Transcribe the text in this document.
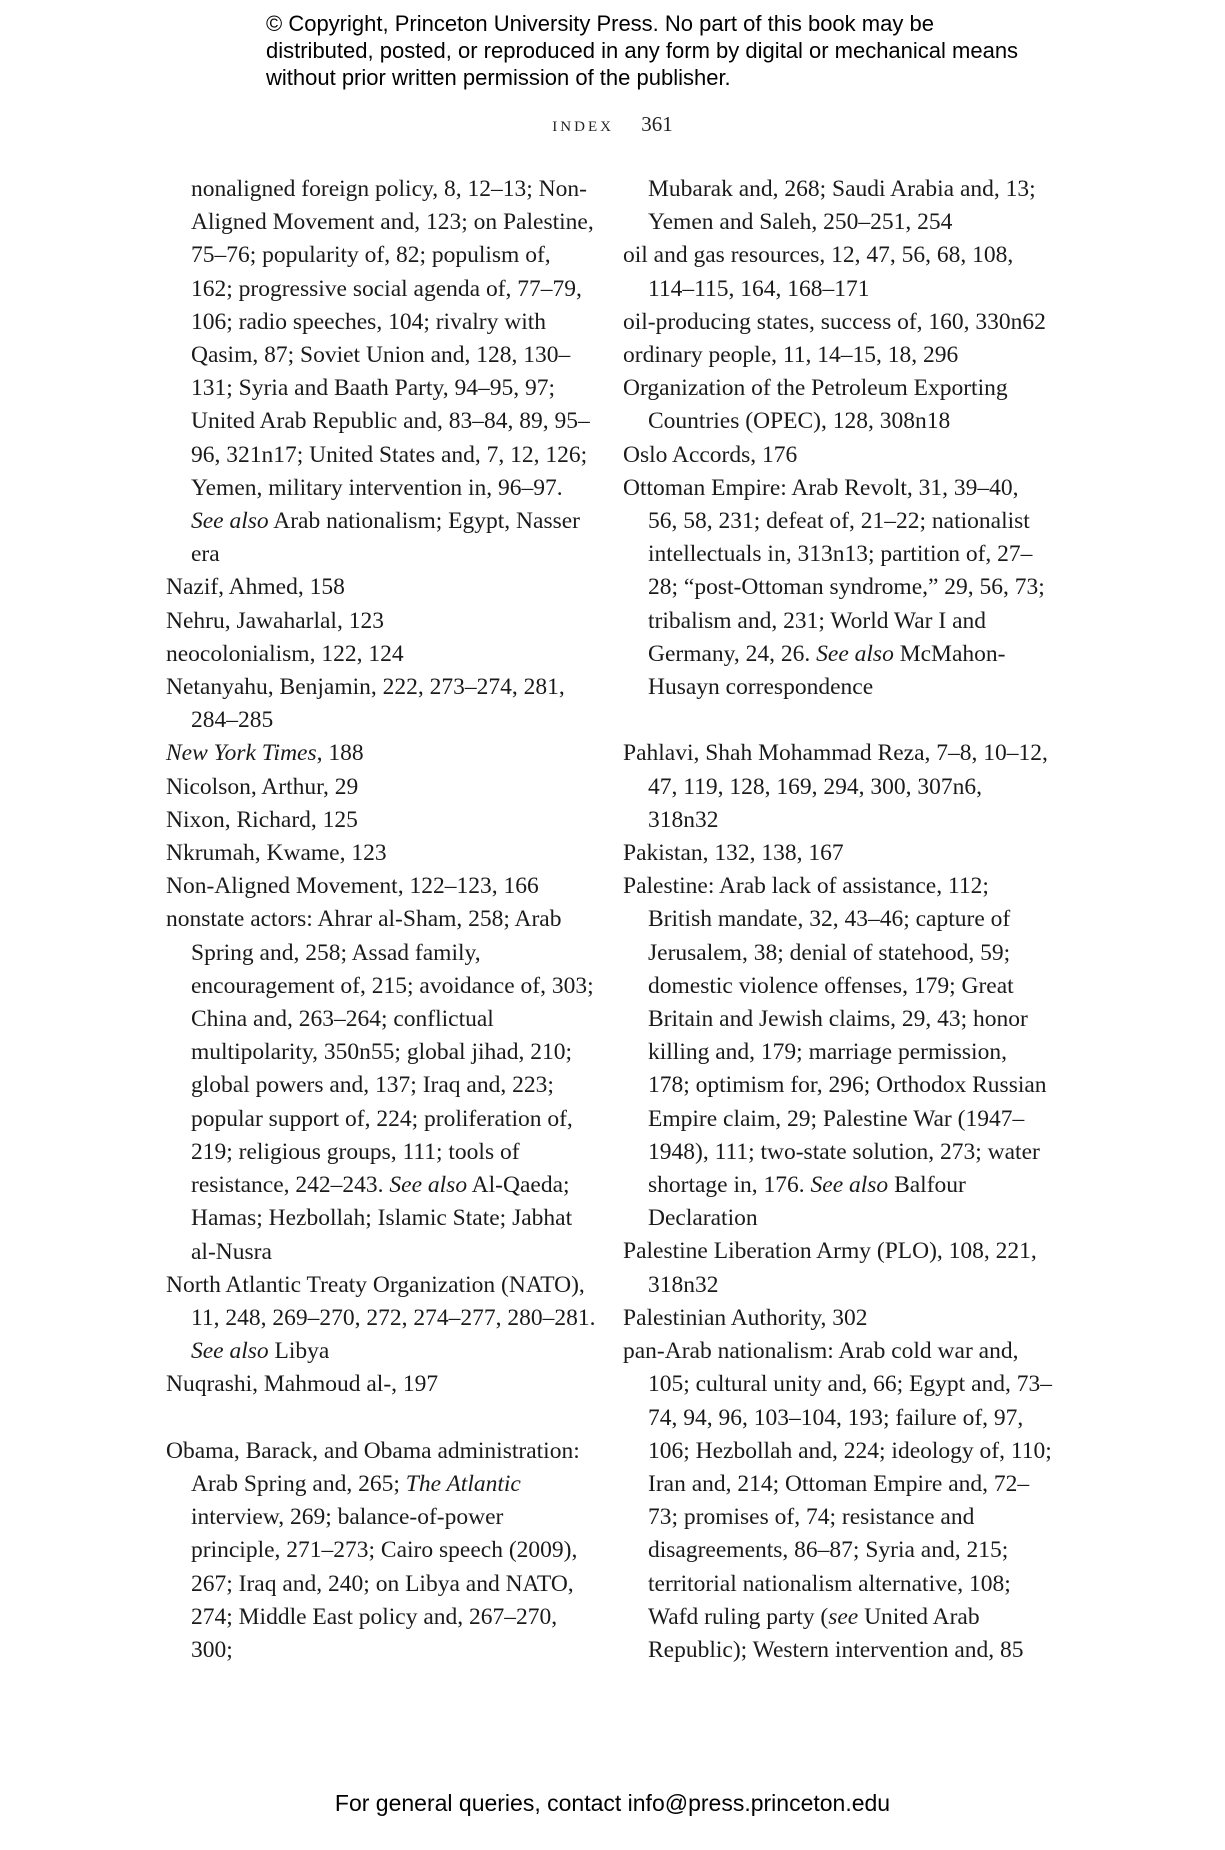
© Copyright, Princeton University Press. No part of this book may be distributed, posted, or reproduced in any form by digital or mechanical means without prior written permission of the publisher.
index 361

nonaligned foreign policy, 8, 12–13; Non-Aligned Movement and, 123; on Palestine, 75–76; popularity of, 82; populism of, 162; progressive social agenda of, 77–79, 106; radio speeches, 104; rivalry with Qasim, 87; Soviet Union and, 128, 130–131; Syria and Baath Party, 94–95, 97; United Arab Republic and, 83–84, 89, 95–96, 321n17; United States and, 7, 12, 126; Yemen, military intervention in, 96–97. See also Arab nationalism; Egypt, Nasser era

Nazif, Ahmed, 158

Nehru, Jawaharlal, 123

neocolonialism, 122, 124

Netanyahu, Benjamin, 222, 273–274, 281, 284–285

New York Times, 188

Nicolson, Arthur, 29

Nixon, Richard, 125

Nkrumah, Kwame, 123

Non-Aligned Movement, 122–123, 166

nonstate actors: Ahrar al-Sham, 258; Arab Spring and, 258; Assad family, encouragement of, 215; avoidance of, 303; China and, 263–264; conflictual multipolarity, 350n55; global jihad, 210; global powers and, 137; Iraq and, 223; popular support of, 224; proliferation of, 219; religious groups, 111; tools of resistance, 242–243. See also Al-Qaeda; Hamas; Hezbollah; Islamic State; Jabhat al-Nusra

North Atlantic Treaty Organization (NATO), 11, 248, 269–270, 272, 274–277, 280–281. See also Libya

Nuqrashi, Mahmoud al-, 197

Obama, Barack, and Obama administration: Arab Spring and, 265; The Atlantic interview, 269; balance-of-power principle, 271–273; Cairo speech (2009), 267; Iraq and, 240; on Libya and NATO, 274; Middle East policy and, 267–270, 300;

Mubarak and, 268; Saudi Arabia and, 13; Yemen and Saleh, 250–251, 254

oil and gas resources, 12, 47, 56, 68, 108, 114–115, 164, 168–171

oil-producing states, success of, 160, 330n62

ordinary people, 11, 14–15, 18, 296

Organization of the Petroleum Exporting Countries (OPEC), 128, 308n18

Oslo Accords, 176

Ottoman Empire: Arab Revolt, 31, 39–40, 56, 58, 231; defeat of, 21–22; nationalist intellectuals in, 313n13; partition of, 27–28; “post-Ottoman syndrome,” 29, 56, 73; tribalism and, 231; World War I and Germany, 24, 26. See also McMahon-Husayn correspondence

Pahlavi, Shah Mohammad Reza, 7–8, 10–12, 47, 119, 128, 169, 294, 300, 307n6, 318n32

Pakistan, 132, 138, 167

Palestine: Arab lack of assistance, 112; British mandate, 32, 43–46; capture of Jerusalem, 38; denial of statehood, 59; domestic violence offenses, 179; Great Britain and Jewish claims, 29, 43; honor killing and, 179; marriage permission, 178; optimism for, 296; Orthodox Russian Empire claim, 29; Palestine War (1947–1948), 111; two-state solution, 273; water shortage in, 176. See also Balfour Declaration

Palestine Liberation Army (PLO), 108, 221, 318n32

Palestinian Authority, 302

pan-Arab nationalism: Arab cold war and, 105; cultural unity and, 66; Egypt and, 73–74, 94, 96, 103–104, 193; failure of, 97, 106; Hezbollah and, 224; ideology of, 110; Iran and, 214; Ottoman Empire and, 72–73; promises of, 74; resistance and disagreements, 86–87; Syria and, 215; territorial nationalism alternative, 108; Wafd ruling party (see United Arab Republic); Western intervention and, 85

For general queries, contact info@press.princeton.edu
